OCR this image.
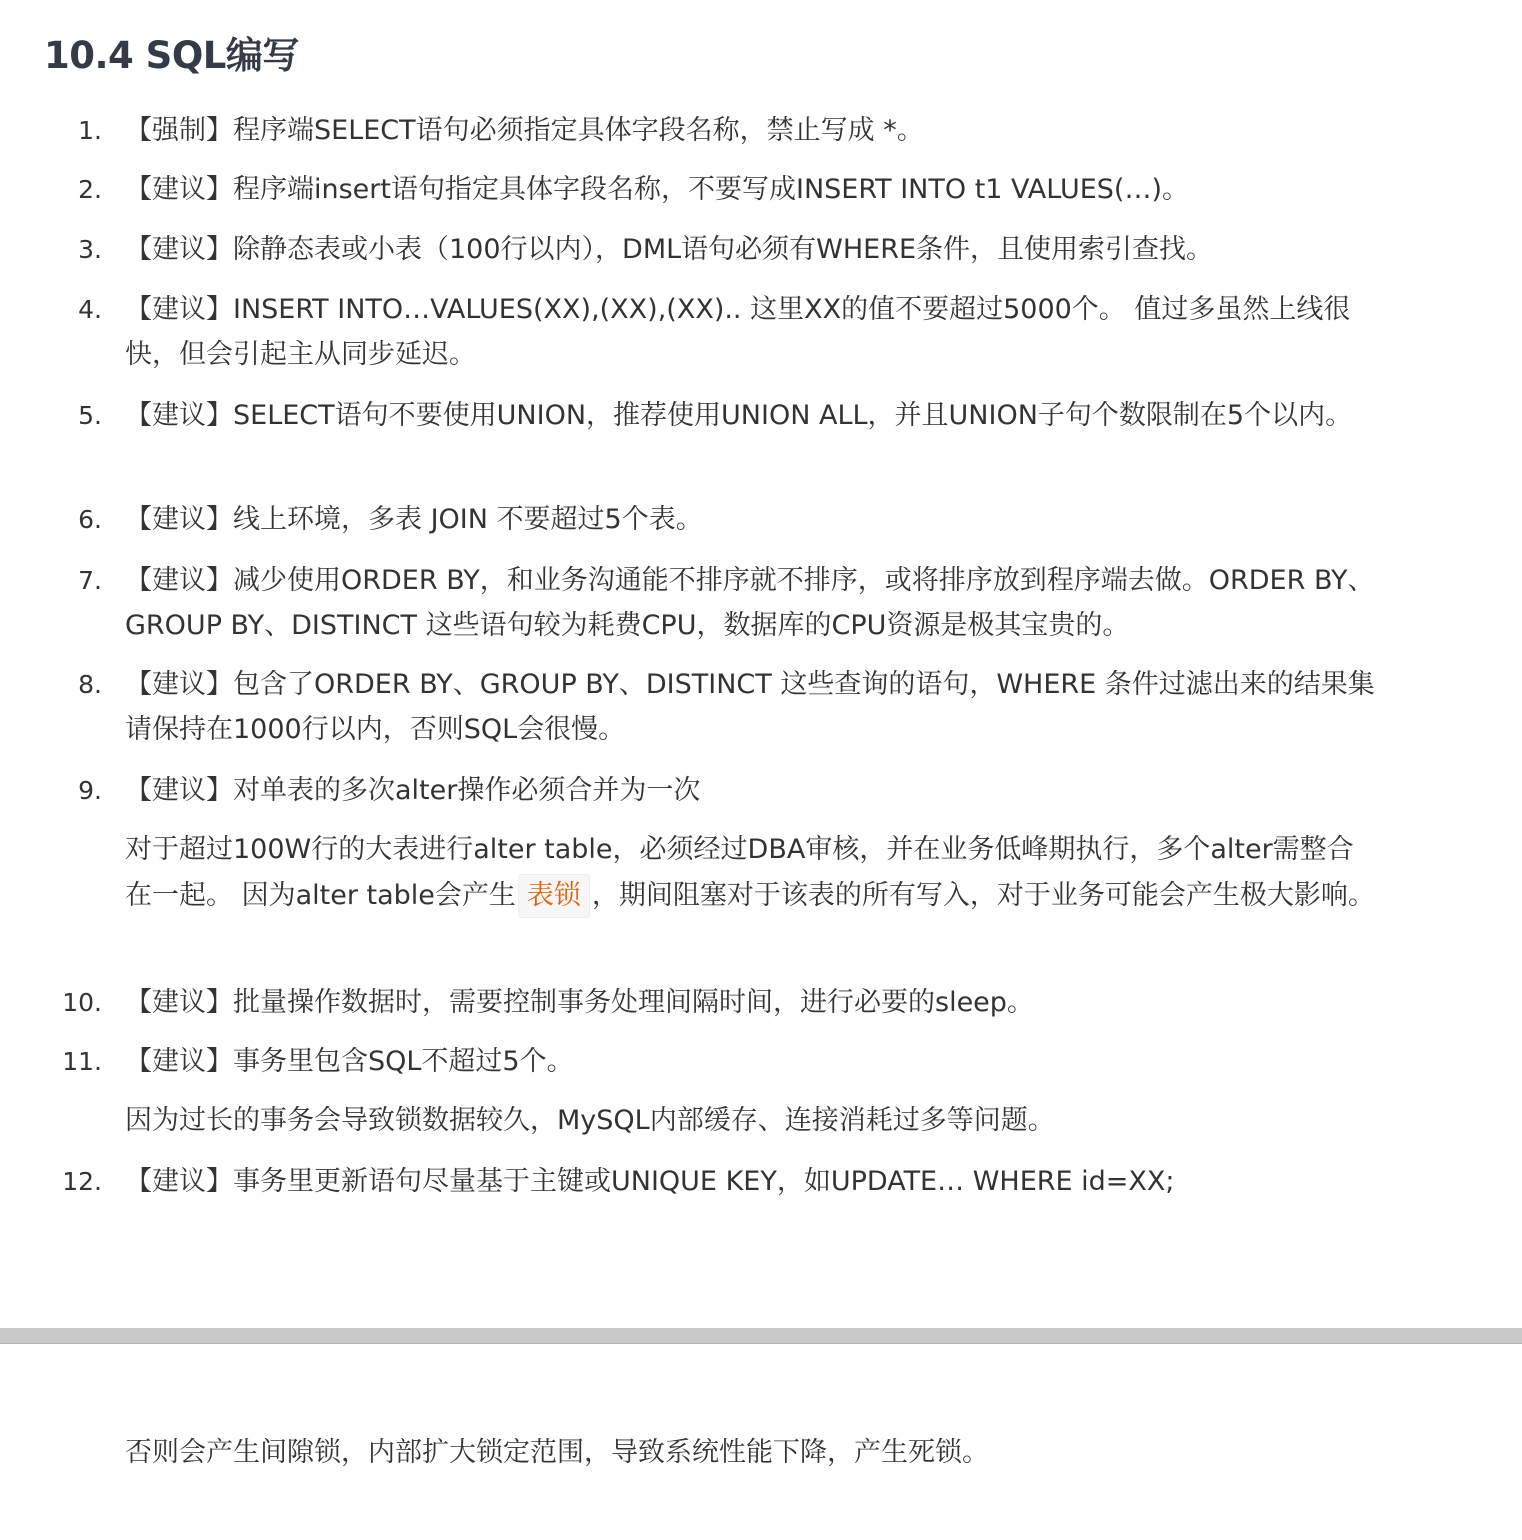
10.4 SQL编写
1. 【强制】程序端SELECT语句必须指定具体字段名称，禁止写成 *。
2. 【建议】程序端insert语句指定具体字段名称，不要写成INSERT INTO t1 VALUES(…)。
3. 【建议】除静态表或小表（100行以内），DML语句必须有WHERE条件，且使用索引查找。
4. 【建议】INSERT INTO…VALUES(XX),(XX),(XX).. 这里XX的值不要超过5000个。 值过多虽然上线很快，但会引起主从同步延迟。
5. 【建议】SELECT语句不要使用UNION，推荐使用UNION ALL，并且UNION子句个数限制在5个以内。
6. 【建议】线上环境，多表 JOIN 不要超过5个表。
7. 【建议】减少使用ORDER BY，和业务沟通能不排序就不排序，或将排序放到程序端去做。ORDER BY、GROUP BY、DISTINCT 这些语句较为耗费CPU，数据库的CPU资源是极其宝贵的。
8. 【建议】包含了ORDER BY、GROUP BY、DISTINCT 这些查询的语句，WHERE 条件过滤出来的结果集请保持在1000行以内，否则SQL会很慢。
9. 【建议】对单表的多次alter操作必须合并为一次

对于超过100W行的大表进行alter table，必须经过DBA审核，并在业务低峰期执行，多个alter需整合在一起。 因为alter table会产生 表锁 ，期间阻塞对于该表的所有写入，对于业务可能会产生极大影响。

10. 【建议】批量操作数据时，需要控制事务处理间隔时间，进行必要的sleep。
11. 【建议】事务里包含SQL不超过5个。

因为过长的事务会导致锁数据较久，MySQL内部缓存、连接消耗过多等问题。

12. 【建议】事务里更新语句尽量基于主键或UNIQUE KEY，如UPDATE… WHERE id=XX;

否则会产生间隙锁，内部扩大锁定范围，导致系统性能下降，产生死锁。
